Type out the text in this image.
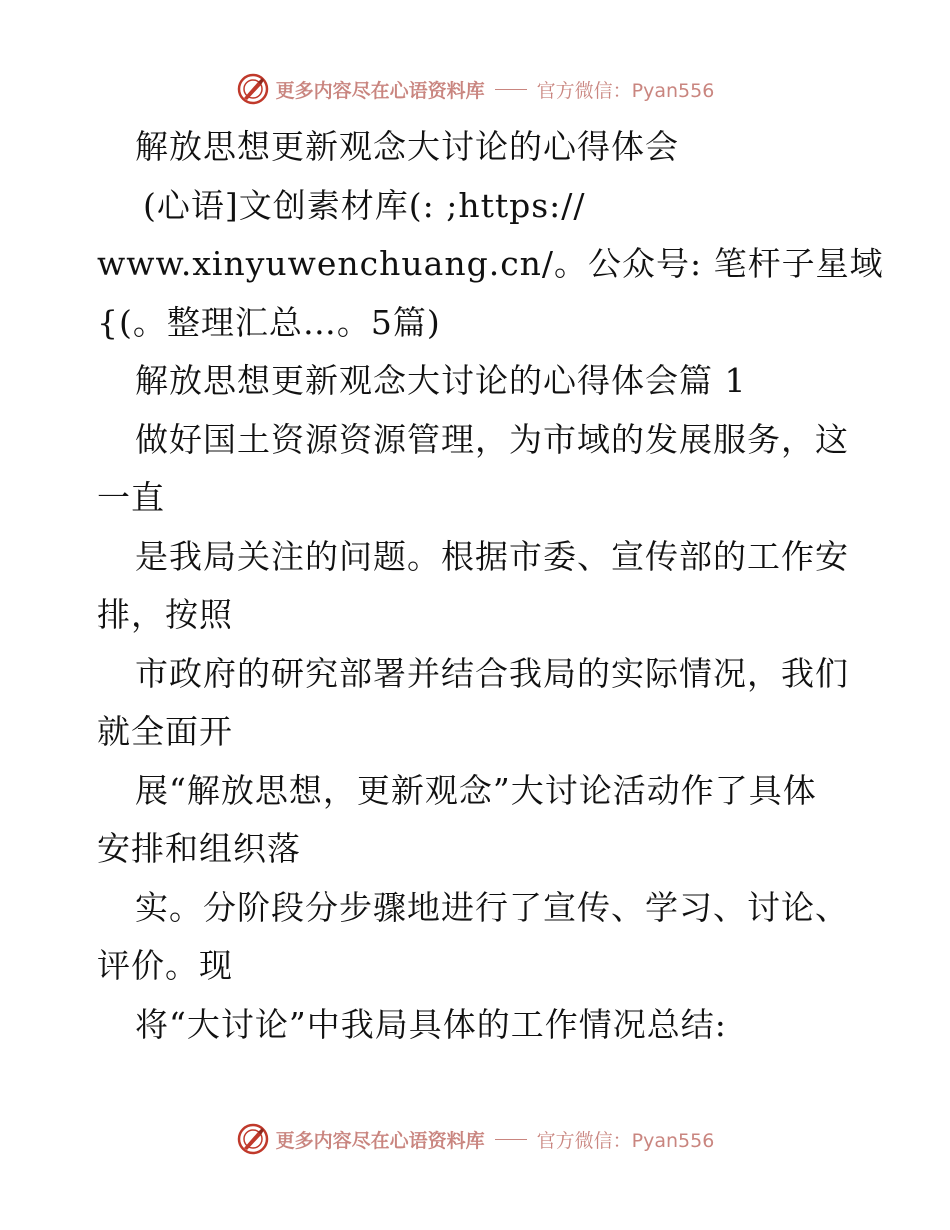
更多内容尽在心语资料库	官方微信：Pyan556
解放思想更新观念大讨论的心得体会
(心语]文创素材库(: ;https://
www.xinyuwenchuang.cn/。公众号: 笔杆子星域
{(。整理汇总…。5篇)
解放思想更新观念大讨论的心得体会篇 1
做好国土资源资源管理，为市域的发展服务，这
一直
是我局关注的问题。根据市委、宣传部的工作安
排，按照
市政府的研究部署并结合我局的实际情况，我们
就全面开
展“解放思想，更新观念”大讨论活动作了具体
安排和组织落
实。分阶段分步骤地进行了宣传、学习、讨论、
评价。现
将“大讨论”中我局具体的工作情况总结:
更多内容尽在心语资料库	官方微信：Pyan556
